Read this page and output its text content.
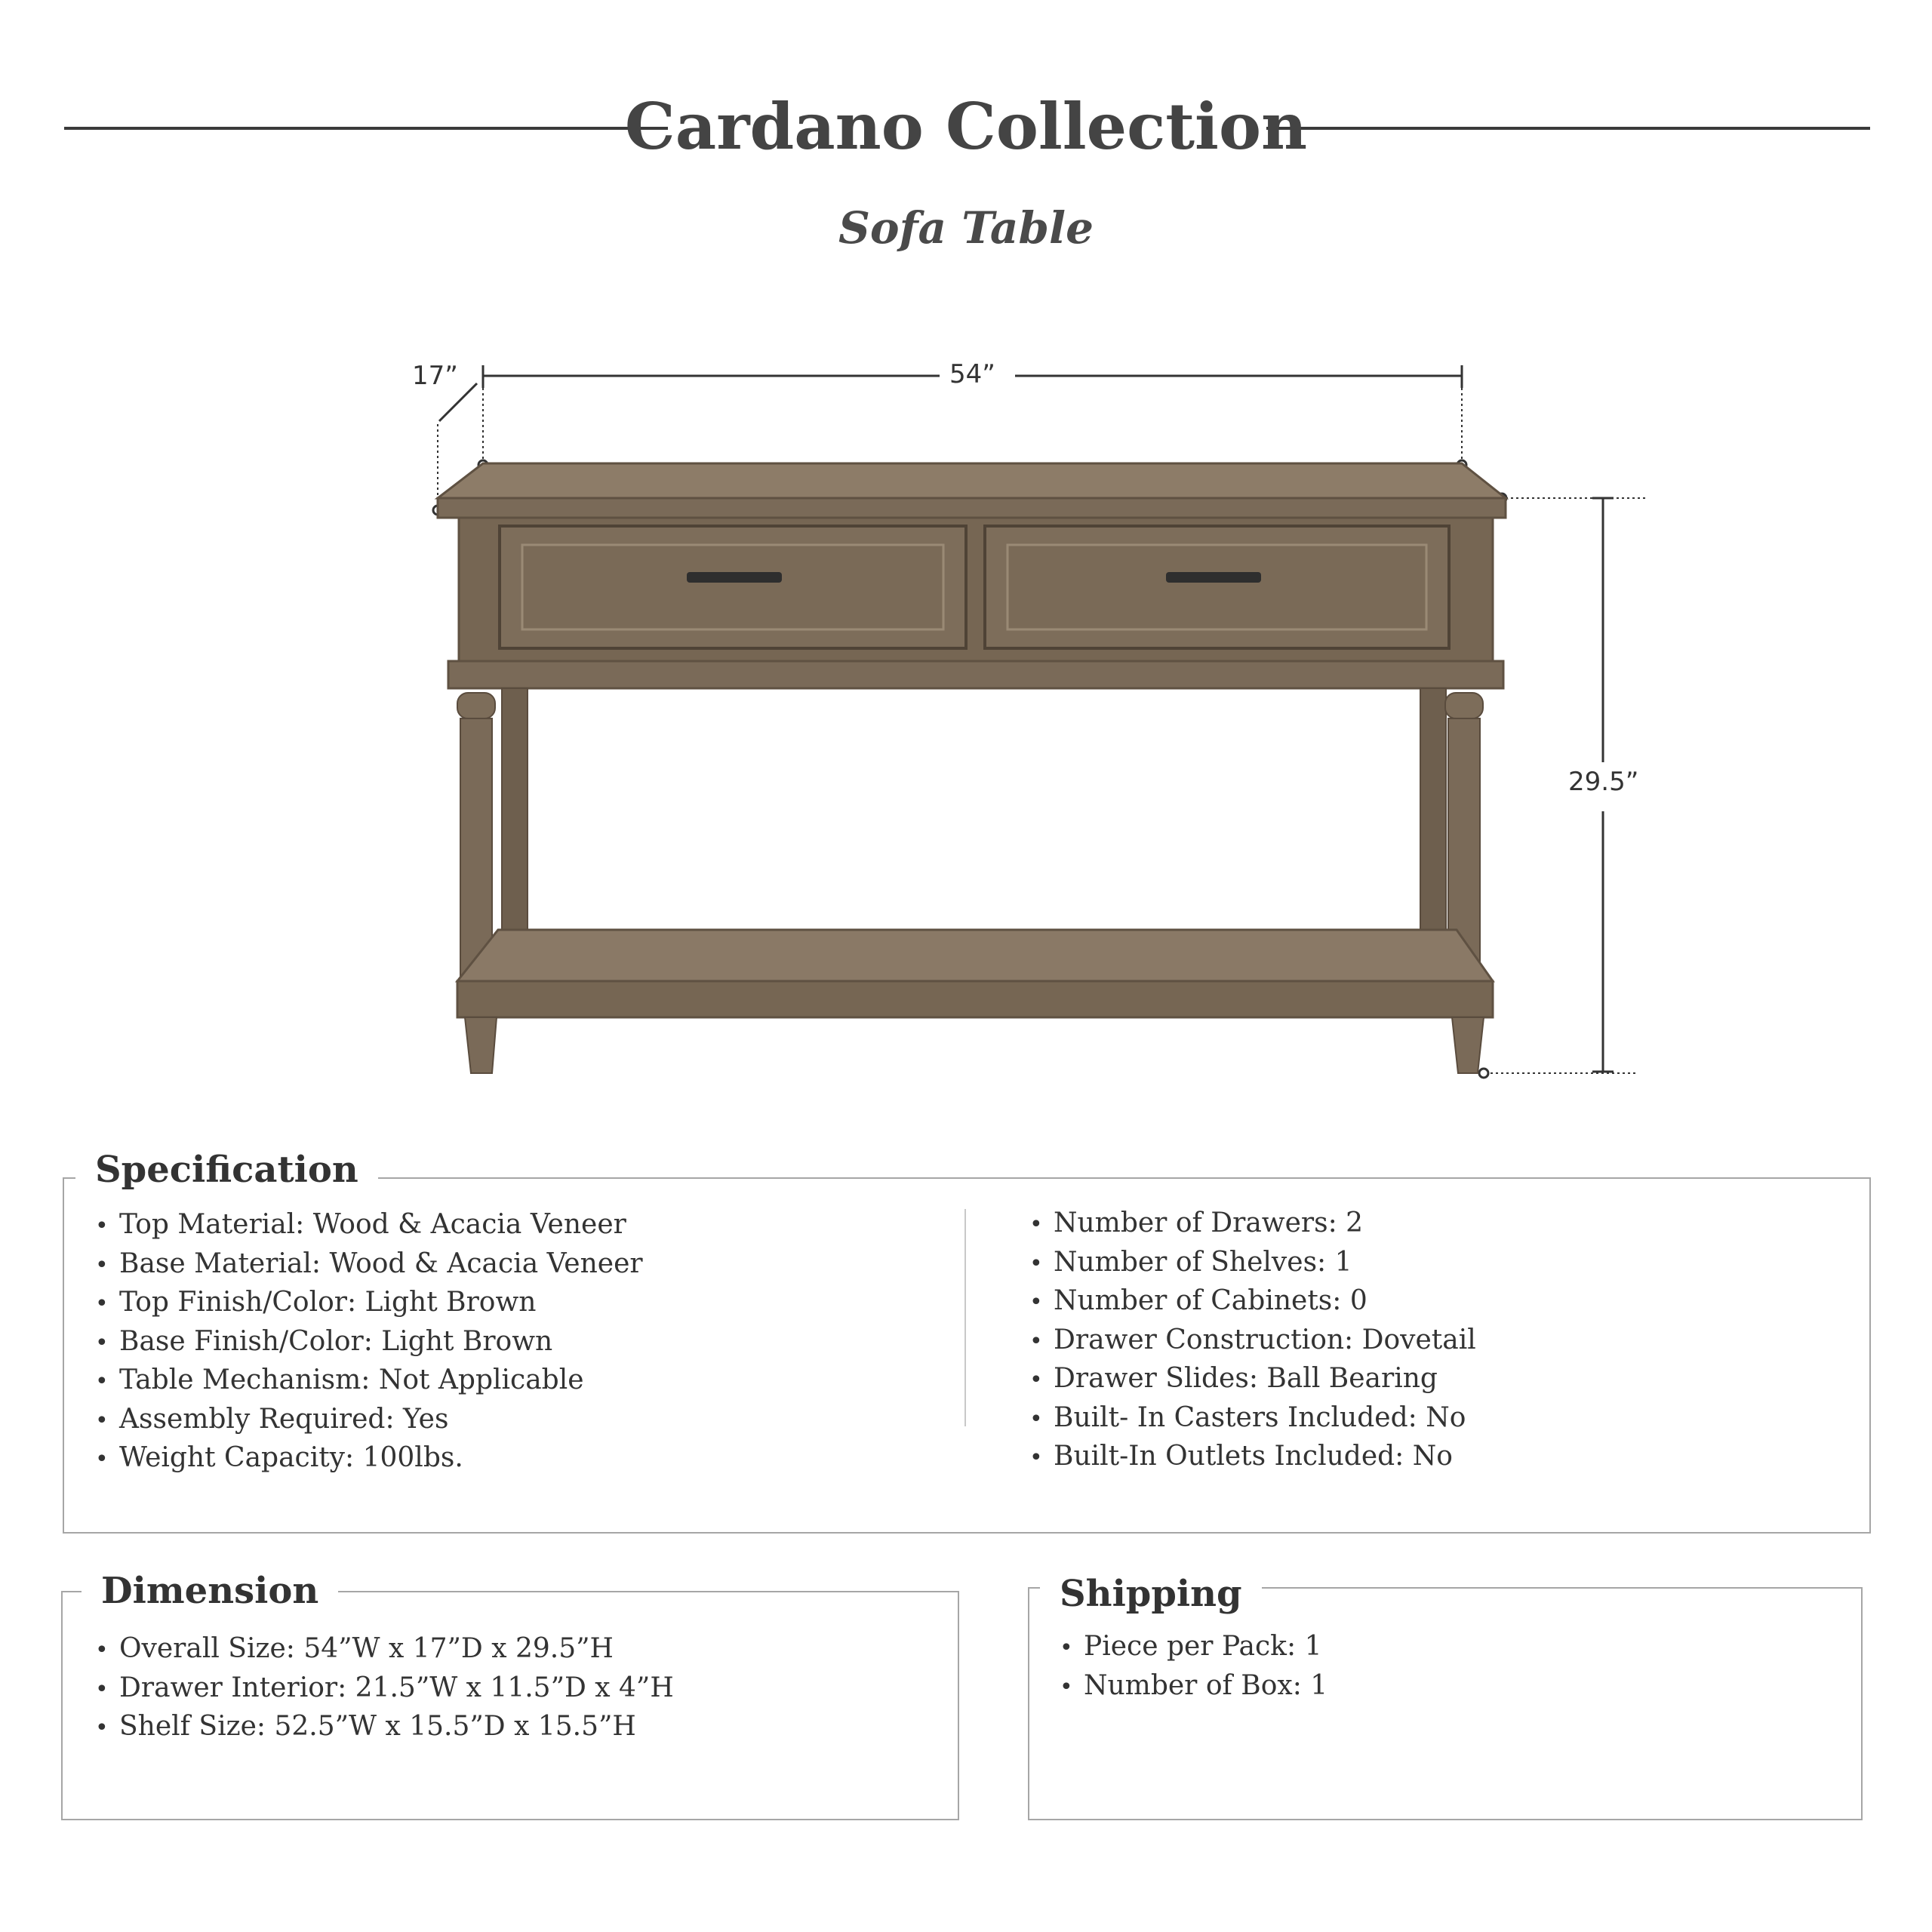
Cardano Collection
Sofa Table
17”	54”
29.5”
Specification
• Top Material: Wood & Acacia Veneer
• Base Material: Wood & Acacia Veneer
• Top Finish/Color: Light Brown
• Base Finish/Color: Light Brown
• Table Mechanism: Not Applicable
• Assembly Required: Yes
• Weight Capacity: 100lbs.
• Number of Drawers: 2
• Number of Shelves: 1
• Number of Cabinets: 0
• Drawer Construction: Dovetail
• Drawer Slides: Ball Bearing
• Built- In Casters Included: No
• Built-In Outlets Included: No
Dimension
• Overall Size: 54”W x 17”D x 29.5”H
• Drawer Interior: 21.5”W x 11.5”D x 4”H
• Shelf Size: 52.5”W x 15.5”D x 15.5”H
Shipping
• Piece per Pack: 1
• Number of Box: 1
